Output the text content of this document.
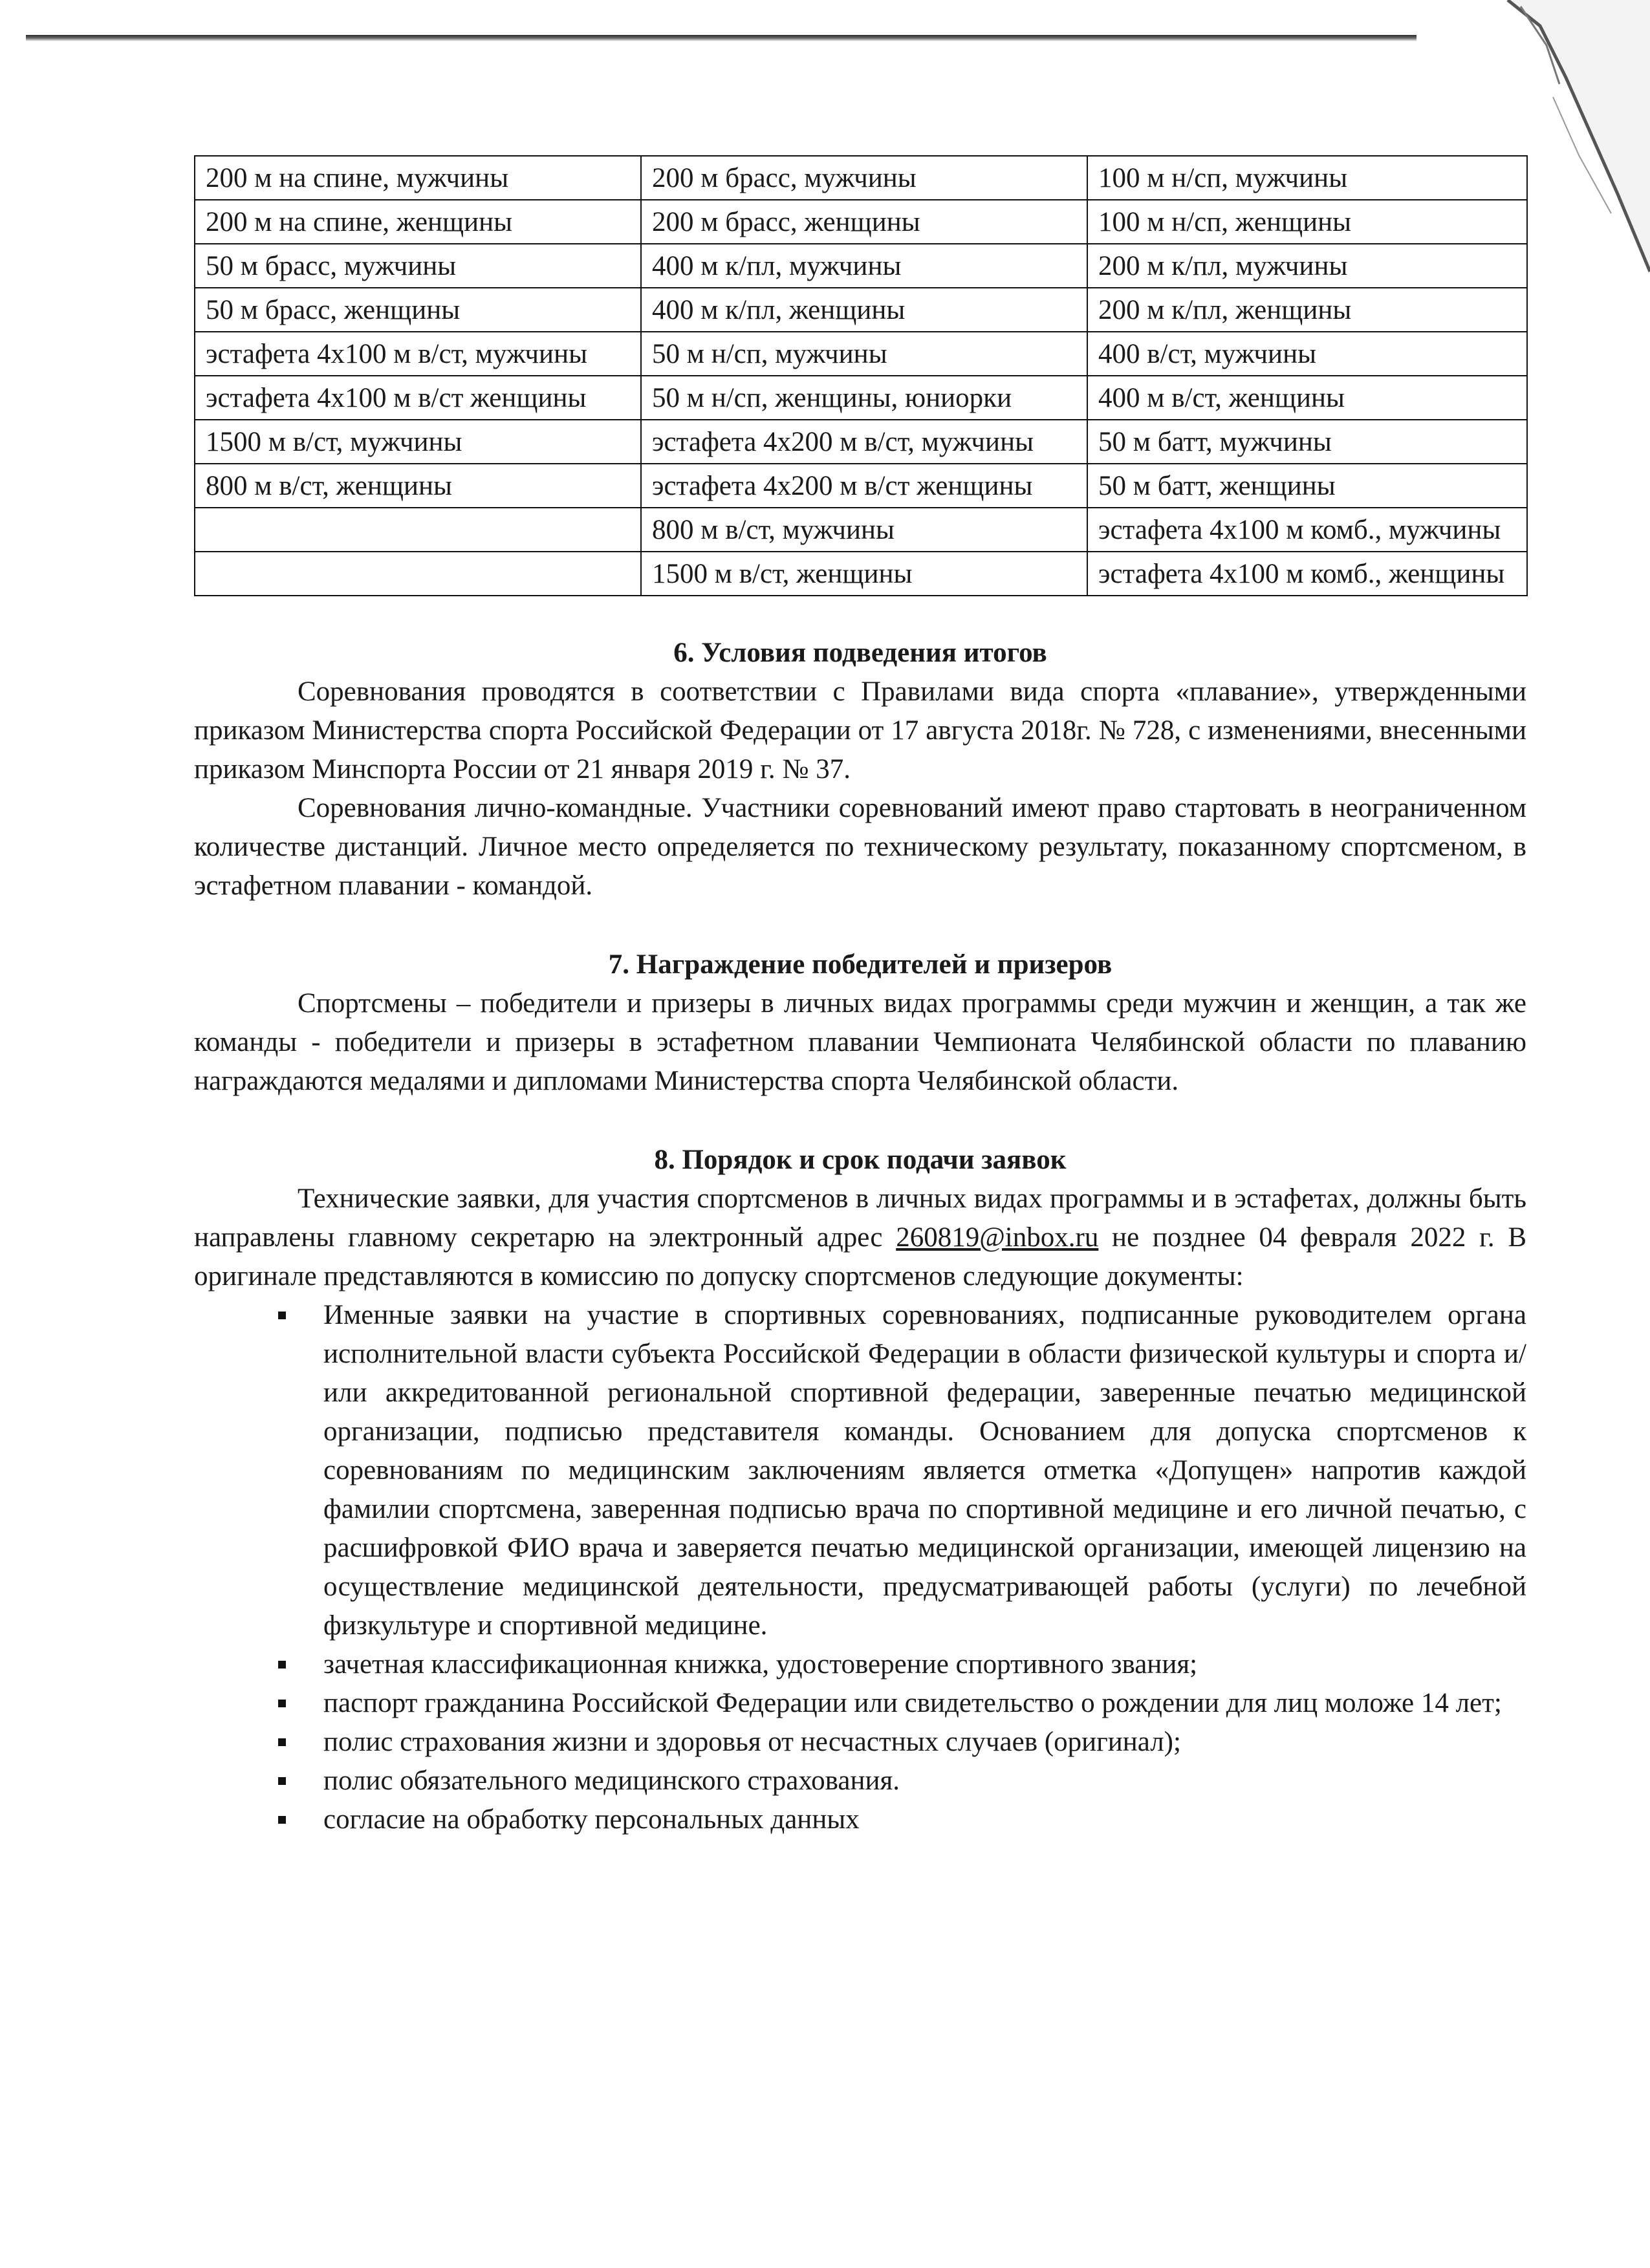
200 м на спине, мужчины	200 м брасс, мужчины	100 м н/сп, мужчины
200 м на спине, женщины	200 м брасс, женщины	100 м н/сп, женщины
50 м брасс, мужчины	400 м к/пл, мужчины	200 м к/пл, мужчины
50 м брасс, женщины	400 м к/пл, женщины	200 м к/пл, женщины
эстафета 4х100 м в/ст, мужчины	50 м н/сп, мужчины	400 в/ст, мужчины
эстафета 4х100 м в/ст женщины	50 м н/сп, женщины, юниорки	400 м в/ст, женщины
1500 м в/ст, мужчины	эстафета 4х200 м в/ст, мужчины	50 м батт, мужчины
800 м в/ст, женщины	эстафета 4х200 м в/ст женщины	50 м батт, женщины
	800 м в/ст, мужчины	эстафета 4х100 м комб., мужчины
	1500 м в/ст, женщины	эстафета 4х100 м комб., женщины
6. Условия подведения итогов

Соревнования проводятся в соответствии с Правилами вида спорта «плавание», утвержденными приказом Министерства спорта Российской Федерации от 17 августа 2018г. № 728, с изменениями, внесенными приказом Минспорта России от 21 января 2019 г. № 37.

Соревнования лично-командные. Участники соревнований имеют право стартовать в неограниченном количестве дистанций. Личное место определяется по техническому результату, показанному спортсменом, в эстафетном плавании - командой.

7. Награждение победителей и призеров

Спортсмены – победители и призеры в личных видах программы среди мужчин и женщин, а так же команды - победители и призеры в эстафетном плавании Чемпионата Челябинской области по плаванию награждаются медалями и дипломами Министерства спорта Челябинской области.

8. Порядок и срок подачи заявок

Технические заявки, для участия спортсменов в личных видах программы и в эстафетах, должны быть направлены главному секретарю на электронный адрес 260819@inbox.ru не позднее 04 февраля 2022 г. В оригинале представляются в комиссию по допуску спортсменов следующие документы:

Именные заявки на участие в спортивных соревнованиях, подписанные руководителем органа исполнительной власти субъекта Российской Федерации в области физической культуры и спорта и/или аккредитованной региональной спортивной федерации, заверенные печатью медицинской организации, подписью представителя команды. Основанием для допуска спортсменов к соревнованиям по медицинским заключениям является отметка «Допущен» напротив каждой фамилии спортсмена, заверенная подписью врача по спортивной медицине и его личной печатью, с расшифровкой ФИО врача и заверяется печатью медицинской организации, имеющей лицензию на осуществление медицинской деятельности, предусматривающей работы (услуги) по лечебной физкультуре и спортивной медицине.
зачетная классификационная книжка, удостоверение спортивного звания;
паспорт гражданина Российской Федерации или свидетельство о рождении для лиц моложе 14 лет;
полис страхования жизни и здоровья от несчастных случаев (оригинал);
полис обязательного медицинского страхования.
согласие на обработку персональных данных
